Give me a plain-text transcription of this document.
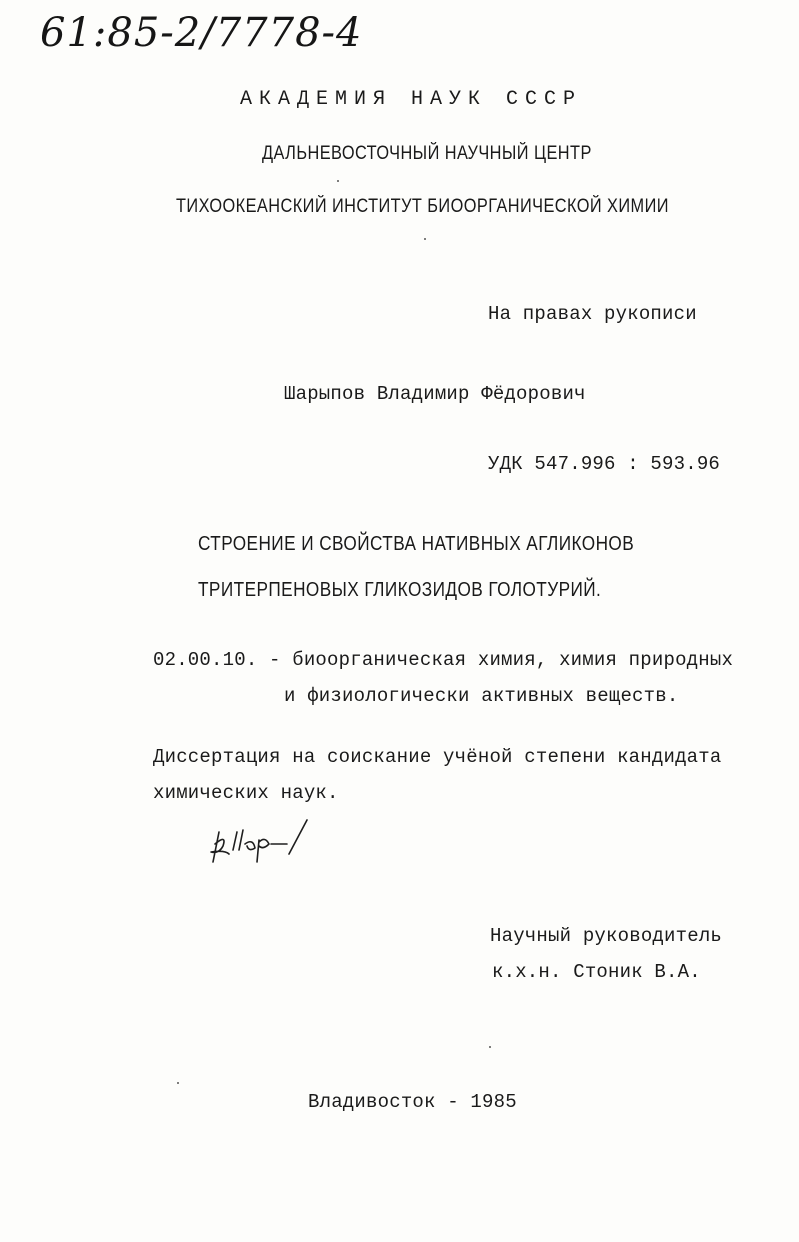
61:85-2/7778-4
АКАДЕМИЯ НАУК СССР
ДАЛЬНЕВОСТОЧНЫЙ НАУЧНЫЙ ЦЕНТР
ТИХООКЕАНСКИЙ ИНСТИТУТ БИООРГАНИЧЕСКОЙ ХИМИИ
На правах рукописи
Шарыпов Владимир Фёдорович
УДК 547.996 : 593.96
СТРОЕНИЕ И СВОЙСТВА НАТИВНЫХ АГЛИКОНОВ
ТРИТЕРПЕНОВЫХ ГЛИКОЗИДОВ ГОЛОТУРИЙ.
02.00.10. - биоорганическая химия, химия природных
и физиологически активных веществ.
Диссертация на соискание учёной степени кандидата
химических наук.
Научный руководитель
к.х.н. Стоник В.А.
Владивосток - 1985
